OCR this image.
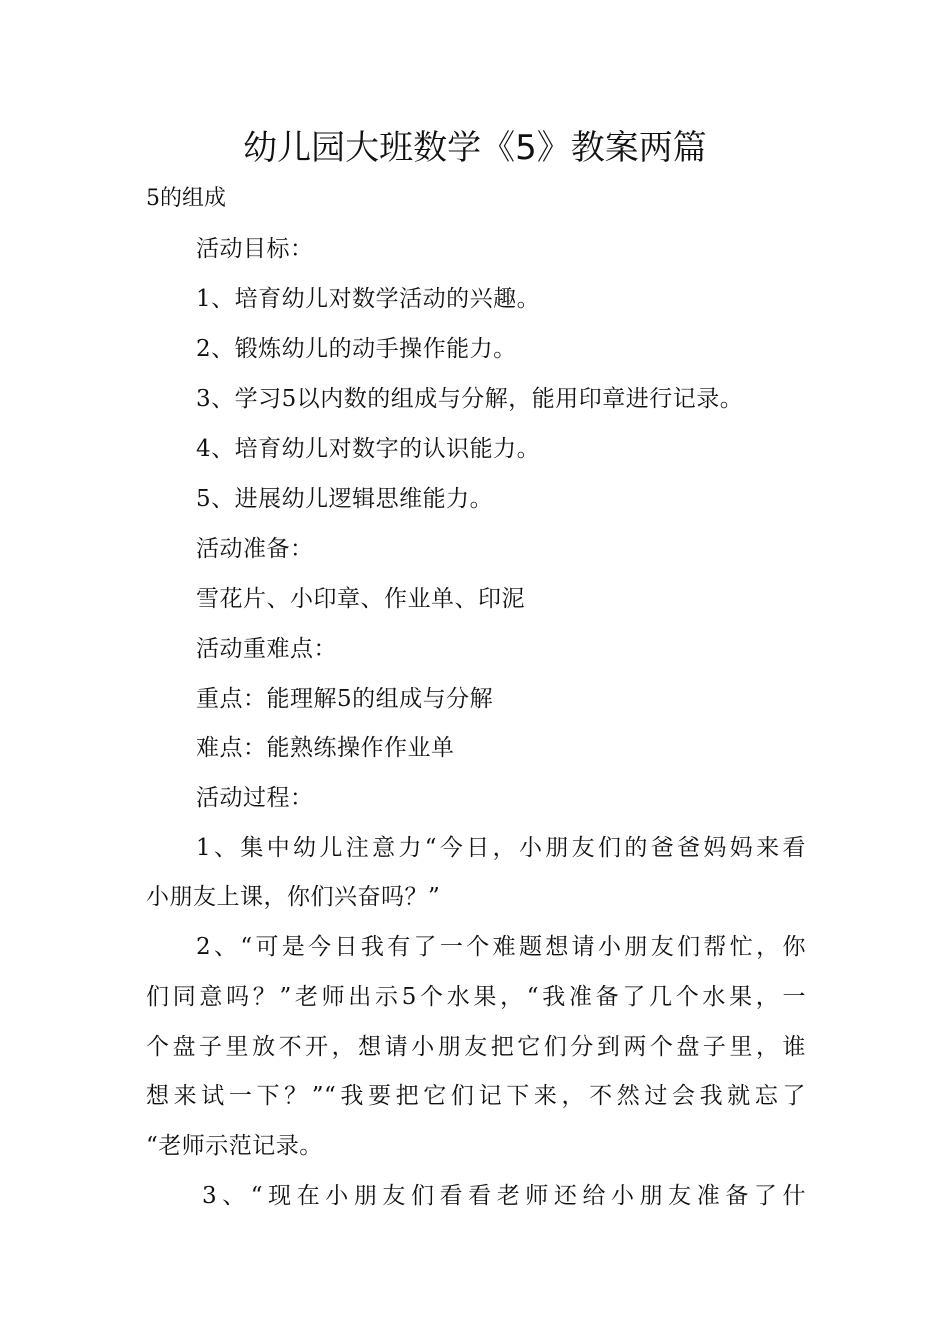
幼儿园大班数学《5》教案两篇

5的组成

活动目标：

1、培育幼儿对数学活动的兴趣。

2、锻炼幼儿的动手操作能力。

3、学习5以内数的组成与分解，能用印章进行记录。

4、培育幼儿对数字的认识能力。

5、进展幼儿逻辑思维能力。

活动准备：

雪花片、小印章、作业单、印泥

活动重难点：

重点：能理解5的组成与分解

难点：能熟练操作作业单

活动过程：

1、集中幼儿注意力“今日，小朋友们的爸爸妈妈来看

小朋友上课，你们兴奋吗？”

2、“可是今日我有了一个难题想请小朋友们帮忙，你

们同意吗？”老师出示5个水果，“我准备了几个水果，一

个盘子里放不开，想请小朋友把它们分到两个盘子里，谁

想来试一下？”“我要把它们记下来，不然过会我就忘了

“老师示范记录。

3、“现在小朋友们看看老师还给小朋友准备了什
